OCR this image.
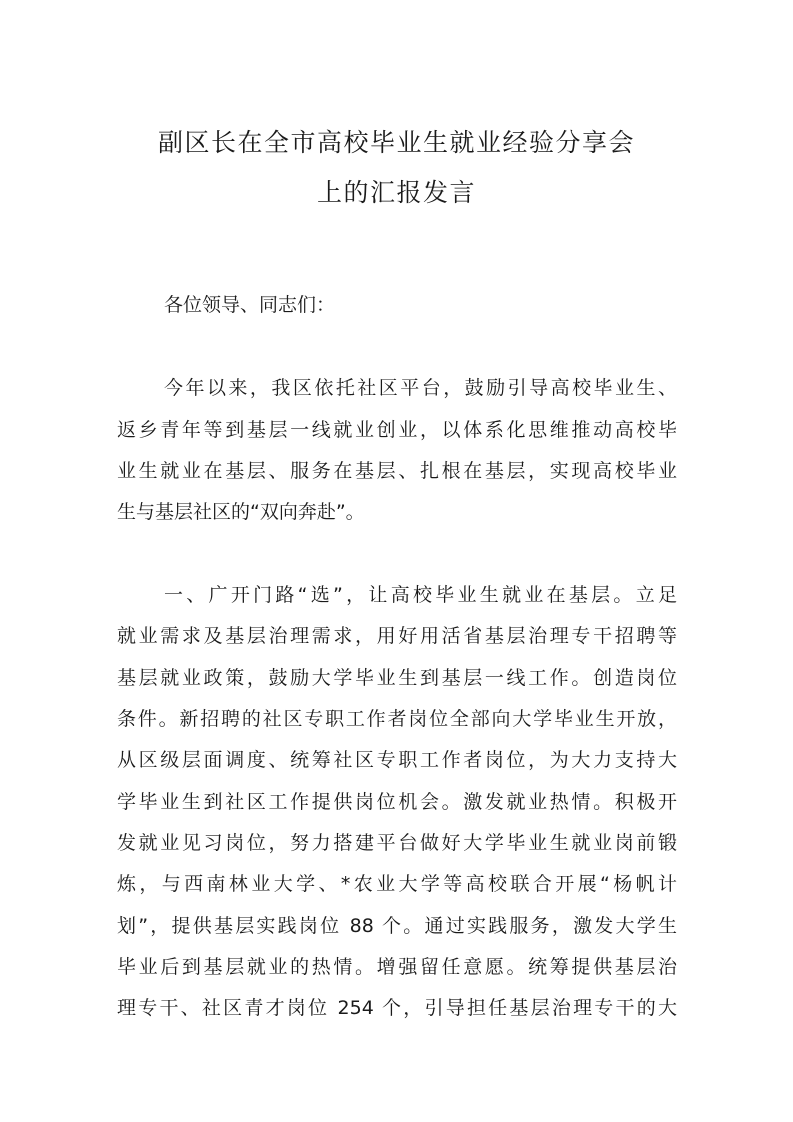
副区长在全市高校毕业生就业经验分享会
上的汇报发言
各位领导、同志们：
今年以来，我区依托社区平台，鼓励引导高校毕业生、
返乡青年等到基层一线就业创业，以体系化思维推动高校毕
业生就业在基层、服务在基层、扎根在基层，实现高校毕业
生与基层社区的“双向奔赴”。
一、广开门路“选”，让高校毕业生就业在基层。立足
就业需求及基层治理需求，用好用活省基层治理专干招聘等
基层就业政策，鼓励大学毕业生到基层一线工作。创造岗位
条件。新招聘的社区专职工作者岗位全部向大学毕业生开放，
从区级层面调度、统筹社区专职工作者岗位，为大力支持大
学毕业生到社区工作提供岗位机会。激发就业热情。积极开
发就业见习岗位，努力搭建平台做好大学毕业生就业岗前锻
炼，与西南林业大学、*农业大学等高校联合开展“杨帆计
划”，提供基层实践岗位 88 个。通过实践服务，激发大学生
毕业后到基层就业的热情。增强留任意愿。统筹提供基层治
理专干、社区青才岗位 254 个，引导担任基层治理专干的大
